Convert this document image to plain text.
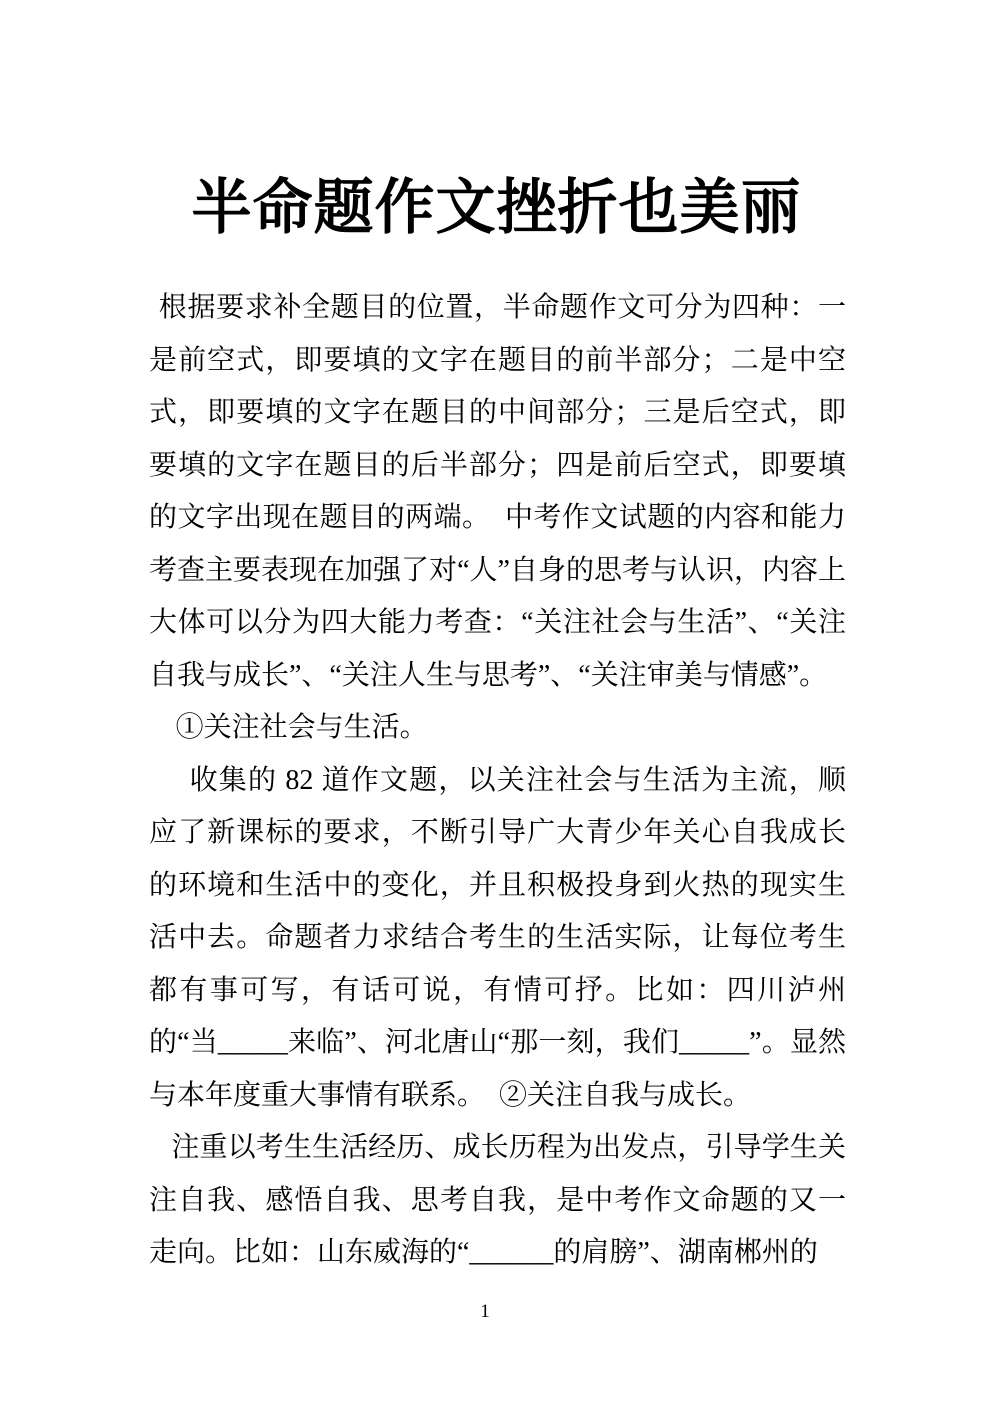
半命题作文挫折也美丽

根据要求补全题目的位置，半命题作文可分为四种：一是前空式，即要填的文字在题目的前半部分；二是中空式，即要填的文字在题目的中间部分；三是后空式，即要填的文字在题目的后半部分；四是前后空式，即要填的文字出现在题目的两端。　中考作文试题的内容和能力考查主要表现在加强了对“人”自身的思考与认识，内容上大体可以分为四大能力考查：“关注社会与生活”、“关注自我与成长”、“关注人生与思考”、“关注审美与情感”。

①关注社会与生活。

收集的 82 道作文题，以关注社会与生活为主流，顺应了新课标的要求，不断引导广大青少年关心自我成长的环境和生活中的变化，并且积极投身到火热的现实生活中去。命题者力求结合考生的生活实际，让每位考生都有事可写，有话可说，有情可抒。比如：四川泸州的“当_____来临”、河北唐山“那一刻，我们_____”。显然与本年度重大事情有联系。　②关注自我与成长。

注重以考生生活经历、成长历程为出发点，引导学生关注自我、感悟自我、思考自我，是中考作文命题的又一走向。比如：山东威海的“______的肩膀”、湖南郴州的

1
